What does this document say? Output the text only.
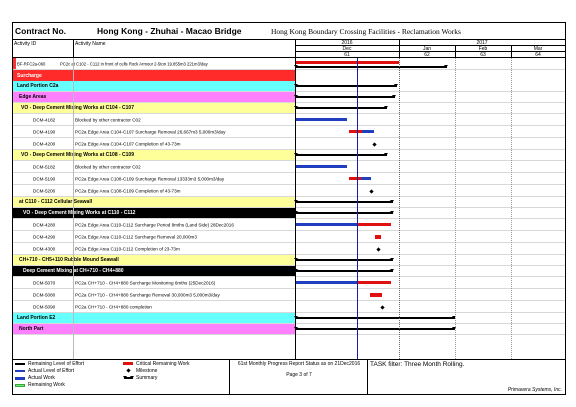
Contract No.	Hong Kong - Zhuhai - Macao Bridge	Hong Kong Boundary Crossing Facilities - Reclamation Works
Activity ID	Activity Name	2016	2017
Dec	Jan	Feb	Mar
61	62	63	64
BF-RFC2a-060	PC2c at C102 - C112 in front of cells Rock Armour 2-5ton 19,855m3 221m3/day
Surcharge
Land Portion C2a
Edge Areas
VO - Deep Cement Mixing Works at C104 - C107
DCM-4182	Blocked by other contractor C02
DCM-4190	PC2a Edge Area C104-C107 Surcharge Removal 26,667m3 5,000m3/day
DCM-4200	PC2a Edge Area C104-C107 Completion of 43-73m
VO - Deep Cement Mixing Works at C108 - C109
DCM-5182	Blocked by other contractor C02
DCM-5190	PC2a Edge Area C108-C109 Surcharge Removal 13333m3 5,000m3/day
DCM-5200	PC2a Edge Area C108-C109 Completion of 43-73m
at C110 - C112 Cellular Seawall
VO - Deep Cement Mixing Works at C110 - C112
DCM-4280	PC2a Edge Area C110-C112 Surcharge Period 8mths (Land Side) 28Dec2016
DCM-4290	PC2a Edge Area C110-C112 Surcharge Removal 20,000m3
DCM-4300	PC2a Edge Area C110-C112 Completion of 23-73m
CH+710 - CH5+110 Rubble Mound Seawall
Deep Cement Mixing at CH+710 - CH4+880
DCM-5070	PC2a CH+710 - CH4+880 Surcharge Monitoring 6mths (25Dec2016)
DCM-5080	PC2a CH+710 - CH4+880 Surcharge Removal 30,000m3 5,000m3/day
DCM-5090	PC2a CH+710 - CH4+880 completion
Land Portion E2
North Part
Remaining Level of Effort
Actual Level of Effort
Actual Work
Remaining Work
Critical Remaining Work
Milestone
Summary
61st Monthly Progress Report Status as on 21Dec2016
Page 3 of 7
TASK filter: Three Month Rolling.
Primavera Systems, Inc.
